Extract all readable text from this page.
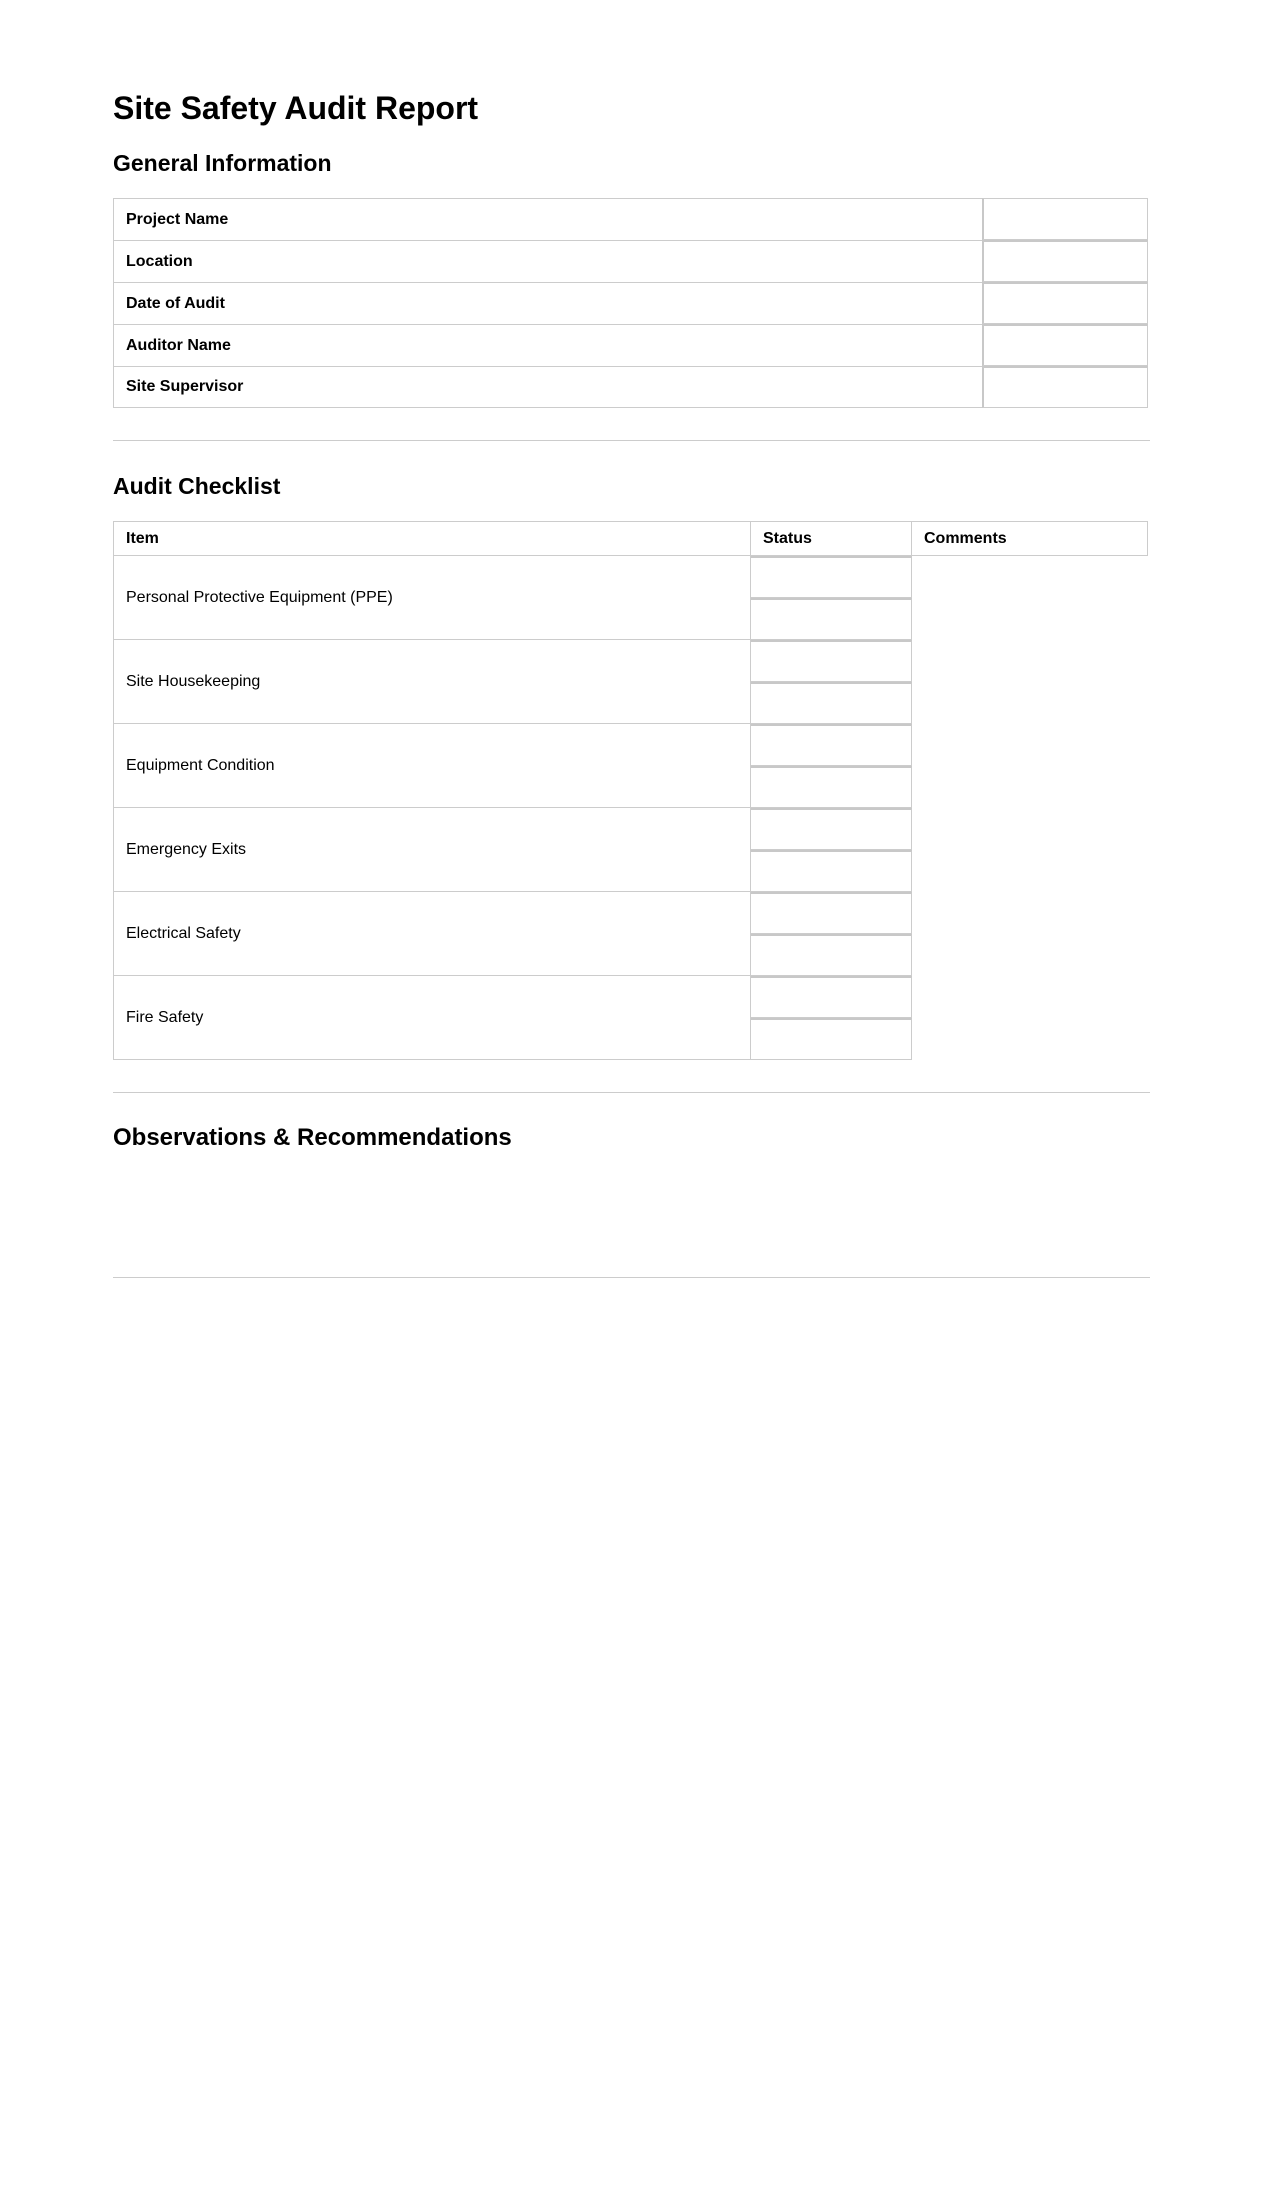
Site Safety Audit Report
General Information
Project Name
Location
Date of Audit
Auditor Name
Site Supervisor
Audit Checklist
Item	Status	Comments
Personal Protective Equipment (PPE)
Site Housekeeping
Equipment Condition
Emergency Exits
Electrical Safety
Fire Safety
Observations & Recommendations
